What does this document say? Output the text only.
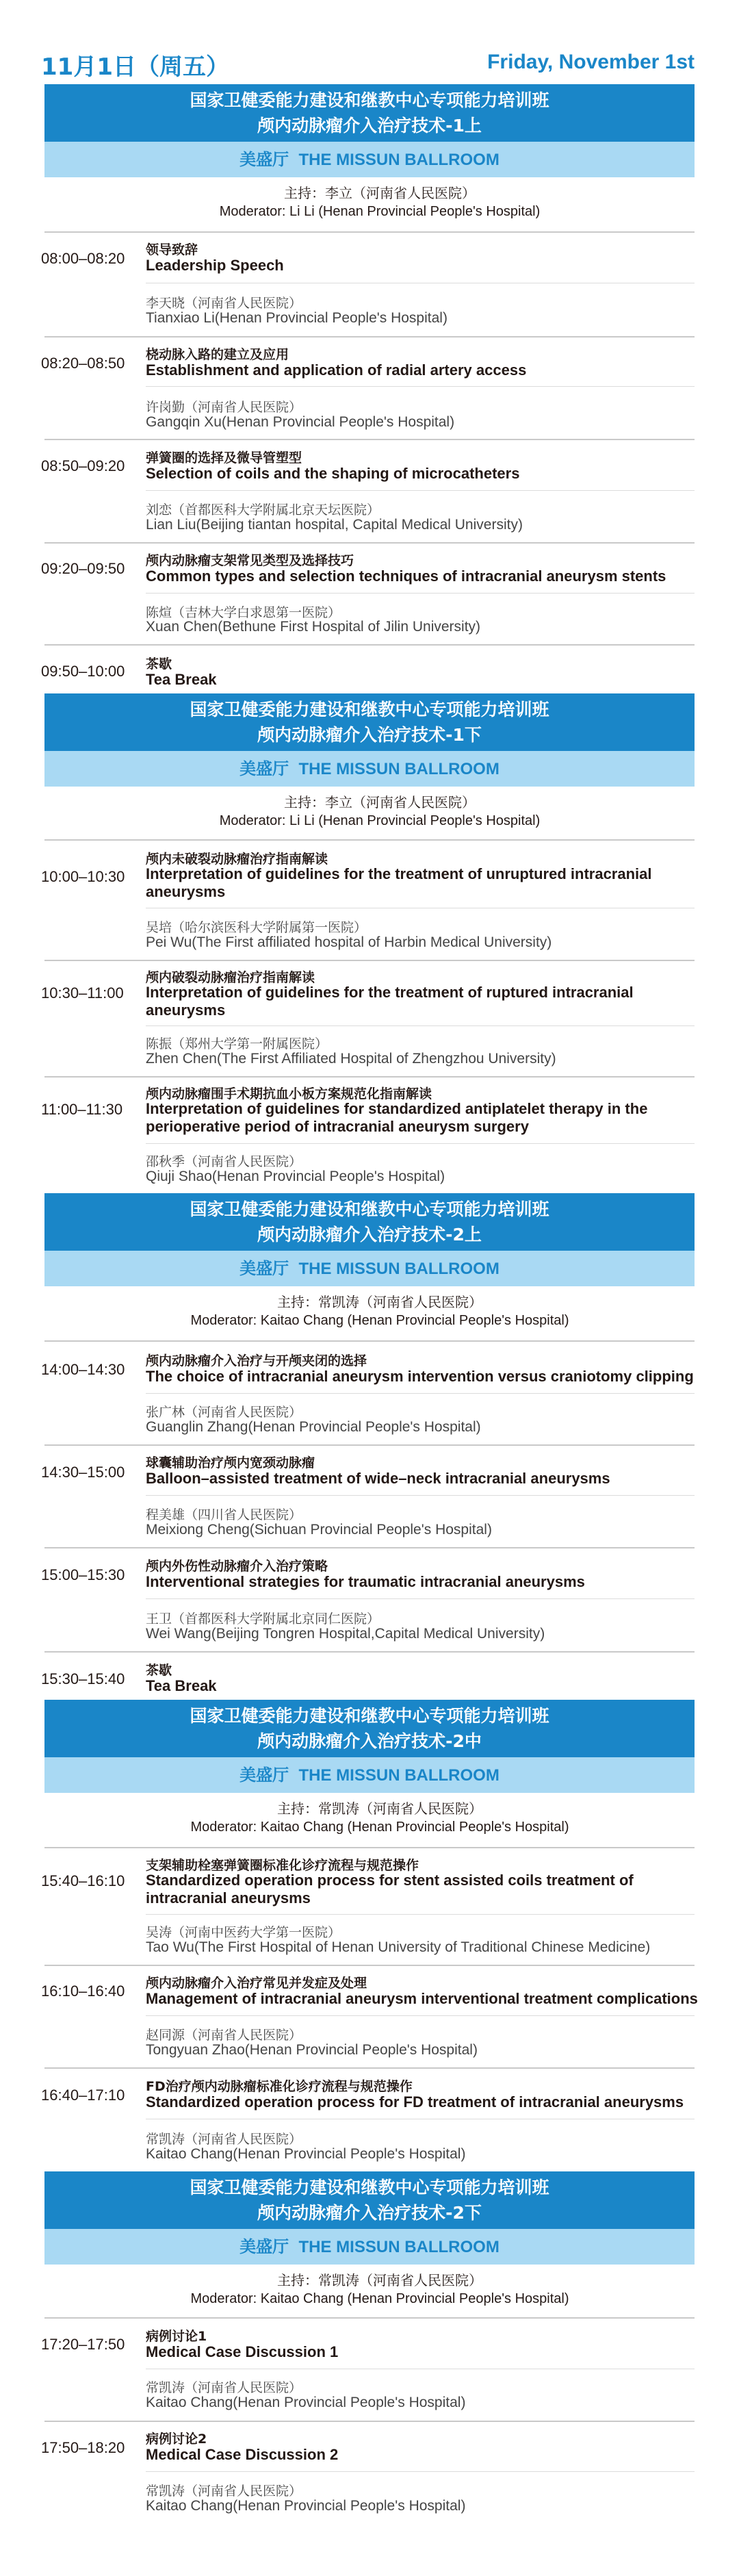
11月1日（周五）	Friday, November 1st
国家卫健委能力建设和继教中心专项能力培训班
颅内动脉瘤介入治疗技术-1上
美盛厅 THE MISSUN BALLROOM
主持：李立（河南省人民医院）
Moderator: Li Li (Henan Provincial People's Hospital)
08:00–08:20 领导致辞
Leadership Speech
李天晓（河南省人民医院）
Tianxiao Li(Henan Provincial People's Hospital)
08:20–08:50 桡动脉入路的建立及应用
Establishment and application of radial artery access
许岗勤（河南省人民医院）
Gangqin Xu(Henan Provincial People's Hospital)
08:50–09:20 弹簧圈的选择及微导管塑型
Selection of coils and the shaping of microcatheters
刘恋（首都医科大学附属北京天坛医院）
Lian Liu(Beijing tiantan hospital, Capital Medical University)
09:20–09:50 颅内动脉瘤支架常见类型及选择技巧
Common types and selection techniques of intracranial aneurysm stents
陈煊（吉林大学白求恩第一医院）
Xuan Chen(Bethune First Hospital of Jilin University)
09:50–10:00 茶歇
Tea Break
国家卫健委能力建设和继教中心专项能力培训班
颅内动脉瘤介入治疗技术-1下
美盛厅 THE MISSUN BALLROOM
主持：李立（河南省人民医院）
Moderator: Li Li (Henan Provincial People's Hospital)
10:00–10:30
颅内未破裂动脉瘤治疗指南解读
Interpretation of guidelines for the treatment of unruptured intracranial aneurysms
吴培（哈尔滨医科大学附属第一医院）
Pei Wu(The First affiliated hospital of Harbin Medical University)
10:30–11:00
颅内破裂动脉瘤治疗指南解读
Interpretation of guidelines for the treatment of ruptured intracranial aneurysms
陈振（郑州大学第一附属医院）
Zhen Chen(The First Affiliated Hospital of Zhengzhou University)
11:00–11:30
颅内动脉瘤围手术期抗血小板方案规范化指南解读
Interpretation of guidelines for standardized antiplatelet therapy in the perioperative period of intracranial aneurysm surgery
邵秋季（河南省人民医院）
Qiuji Shao(Henan Provincial People's Hospital)
国家卫健委能力建设和继教中心专项能力培训班
颅内动脉瘤介入治疗技术-2上
美盛厅 THE MISSUN BALLROOM
主持：常凯涛（河南省人民医院）
Moderator: Kaitao Chang (Henan Provincial People's Hospital)
14:00–14:30 颅内动脉瘤介入治疗与开颅夹闭的选择
The choice of intracranial aneurysm intervention versus craniotomy clipping
张广林（河南省人民医院）
Guanglin Zhang(Henan Provincial People's Hospital)
14:30–15:00
球囊辅助治疗颅内宽颈动脉瘤
Balloon–assisted treatment of wide–neck intracranial aneurysms
程美雄（四川省人民医院）
Meixiong Cheng(Sichuan Provincial People's Hospital)
15:00–15:30 颅内外伤性动脉瘤介入治疗策略
Interventional strategies for traumatic intracranial aneurysms
王卫（首都医科大学附属北京同仁医院）
Wei Wang(Beijing Tongren Hospital,Capital Medical University)
15:30–15:40 茶歇
Tea Break
国家卫健委能力建设和继教中心专项能力培训班
颅内动脉瘤介入治疗技术-2中
美盛厅 THE MISSUN BALLROOM
主持：常凯涛（河南省人民医院）
Moderator: Kaitao Chang (Henan Provincial People's Hospital)
15:40–16:10
支架辅助栓塞弹簧圈标准化诊疗流程与规范操作
Standardized operation process for stent assisted coils treatment of intracranial aneurysms
吴涛（河南中医药大学第一医院）
Tao Wu(The First Hospital of Henan University of Traditional Chinese Medicine)
16:10–16:40 颅内动脉瘤介入治疗常见并发症及处理
Management of intracranial aneurysm interventional treatment complications
赵同源（河南省人民医院）
Tongyuan Zhao(Henan Provincial People's Hospital)
16:40–17:10 FD治疗颅内动脉瘤标准化诊疗流程与规范操作
Standardized operation process for FD treatment of intracranial aneurysms
常凯涛（河南省人民医院）
Kaitao Chang(Henan Provincial People's Hospital)
国家卫健委能力建设和继教中心专项能力培训班
颅内动脉瘤介入治疗技术-2下
美盛厅 THE MISSUN BALLROOM
主持：常凯涛（河南省人民医院）
Moderator: Kaitao Chang (Henan Provincial People's Hospital)
17:20–17:50 病例讨论1
Medical Case Discussion 1
常凯涛（河南省人民医院）
Kaitao Chang(Henan Provincial People's Hospital)
17:50–18:20 病例讨论2
Medical Case Discussion 2
常凯涛（河南省人民医院）
Kaitao Chang(Henan Provincial People's Hospital)
